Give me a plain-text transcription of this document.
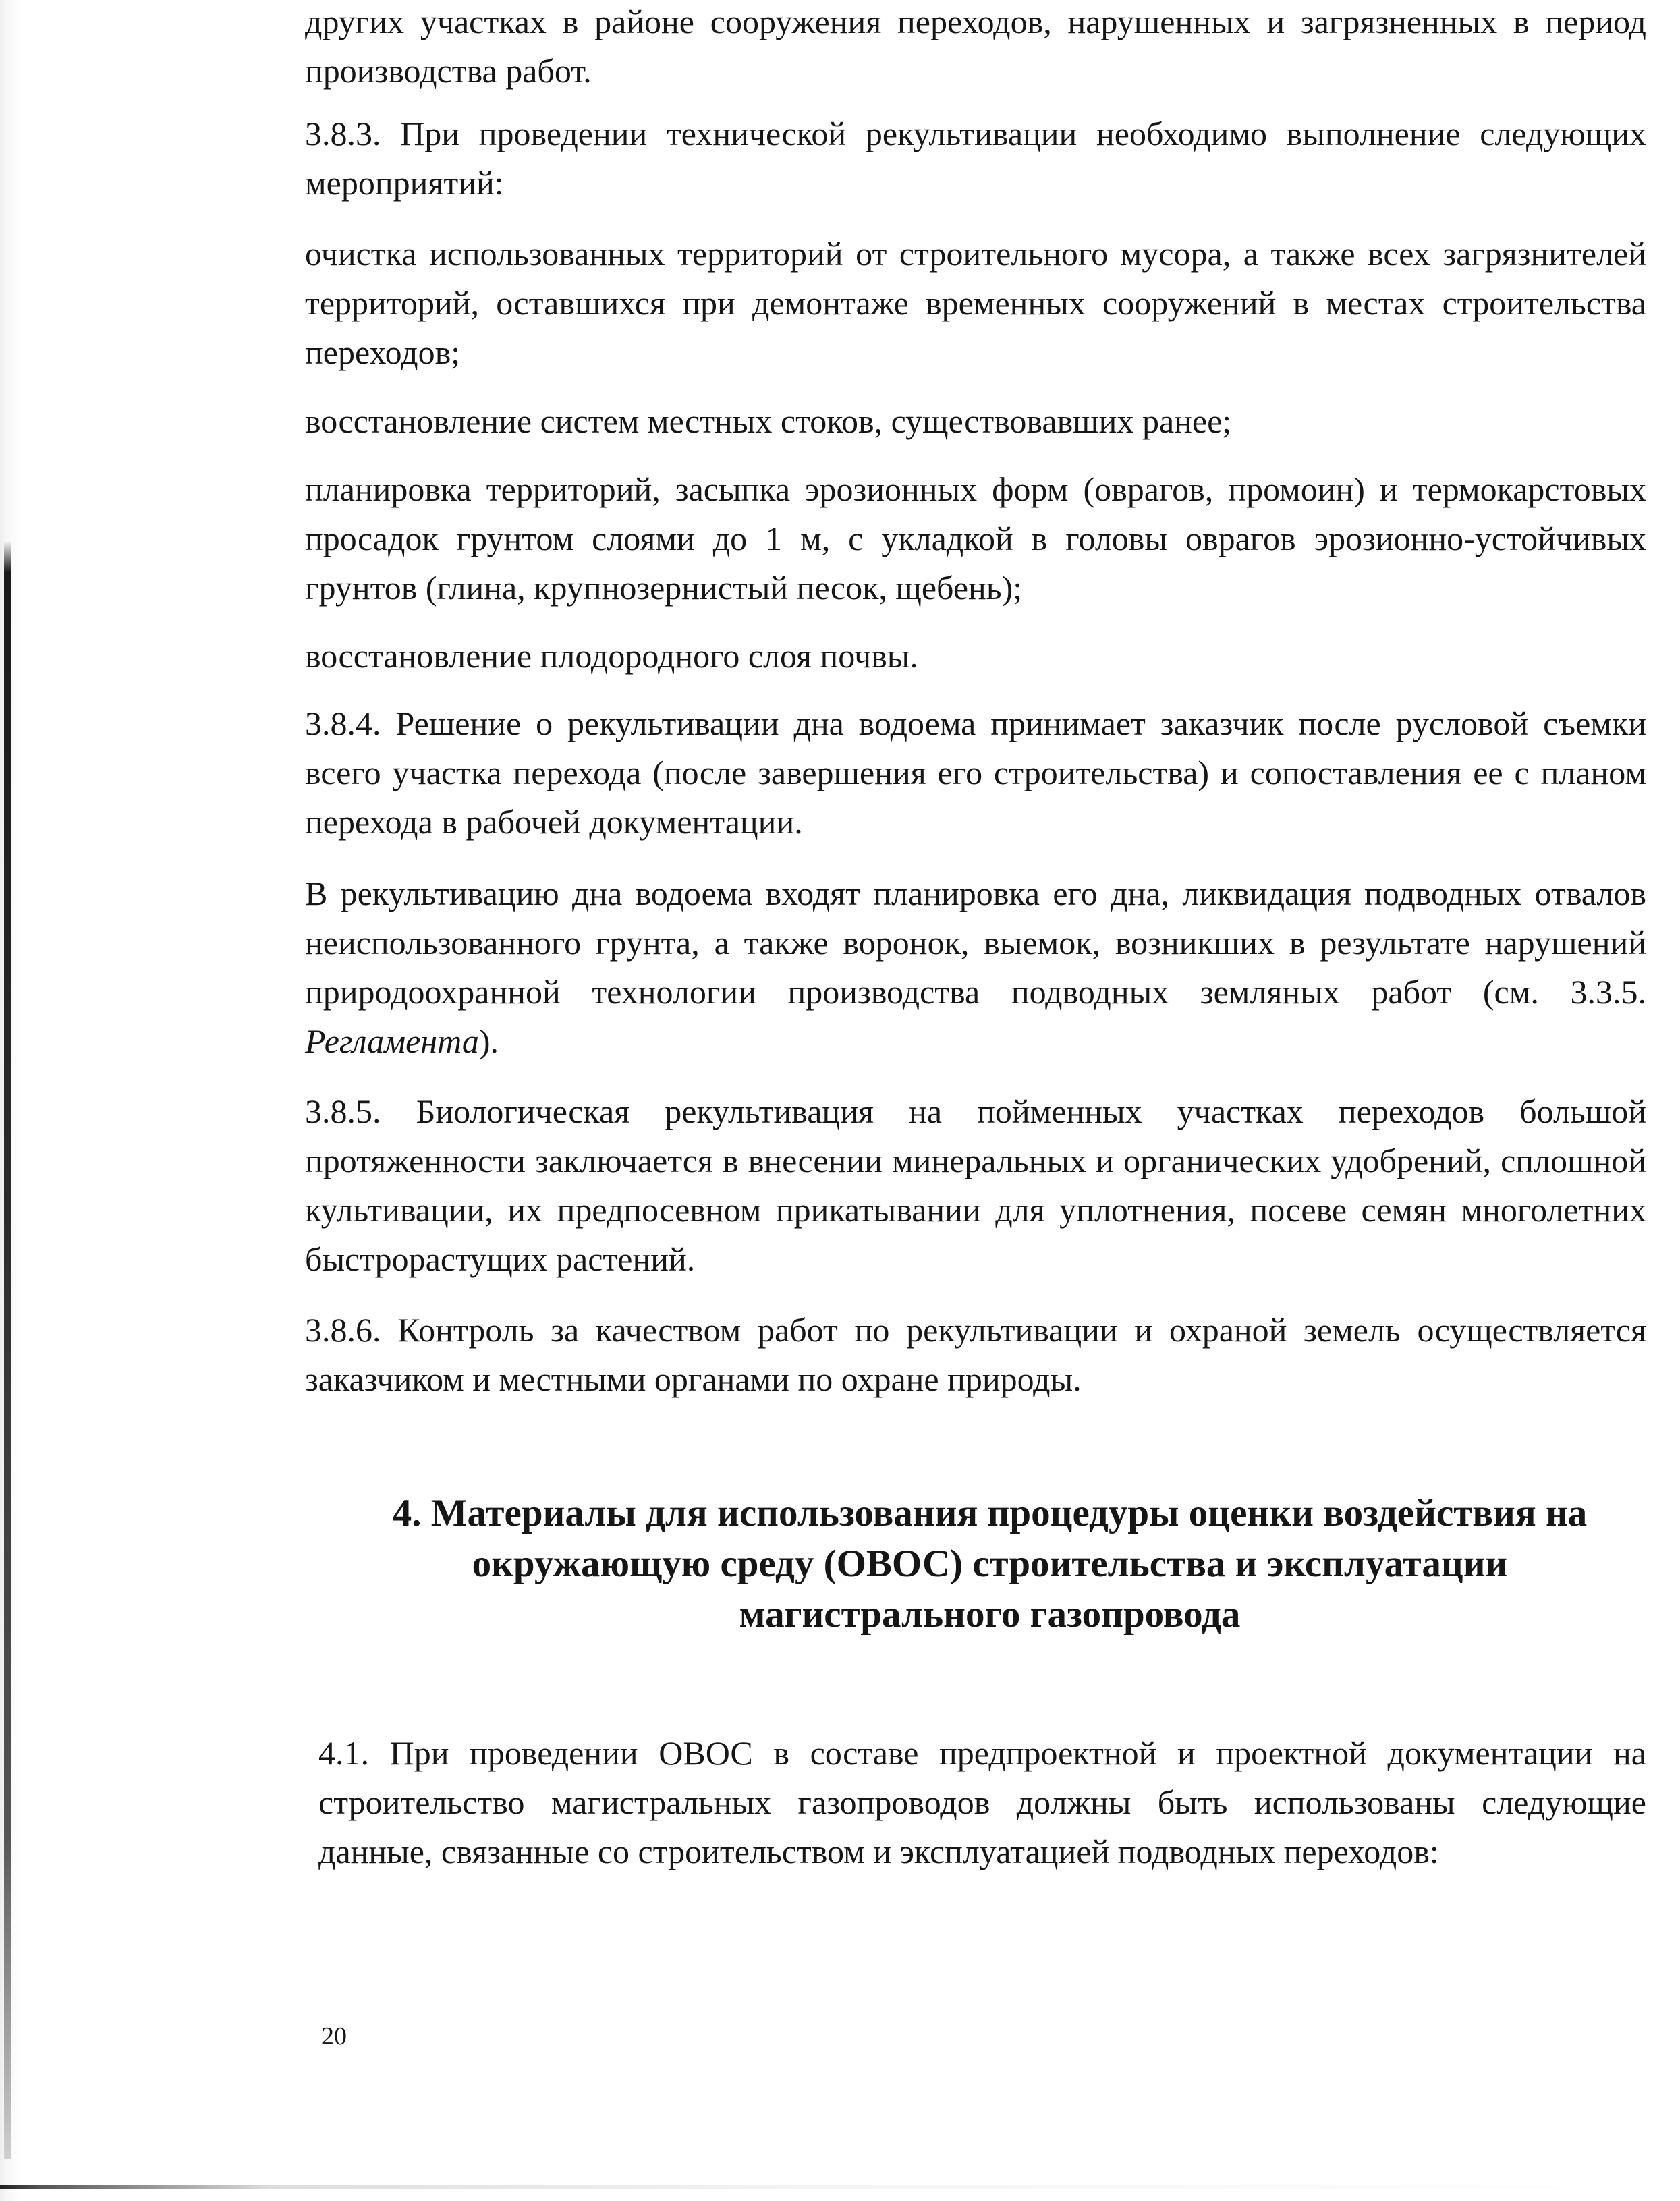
других участках в районе сооружения переходов, нарушенных и загрязненных в период производства работ.

3.8.3. При проведении технической рекультивации необходимо выполнение следующих мероприятий:

очистка использованных территорий от строительного мусора, а также всех загрязнителей территорий, оставшихся при демонтаже временных сооружений в местах строительства переходов;

восстановление систем местных стоков, существовавших ранее;

планировка территорий, засыпка эрозионных форм (оврагов, промоин) и термокарстовых просадок грунтом слоями до 1 м, с укладкой в головы оврагов эрозионно-устойчивых грунтов (глина, крупнозернистый песок, щебень);

восстановление плодородного слоя почвы.

3.8.4. Решение о рекультивации дна водоема принимает заказчик после русловой съемки всего участка перехода (после завершения его строительства) и сопоставления ее с планом перехода в рабочей документации.

В рекультивацию дна водоема входят планировка его дна, ликвидация подводных отвалов неиспользованного грунта, а также воронок, выемок, возникших в результате нарушений природоохранной технологии производства подводных земляных работ (см. 3.3.5. Регламента).

3.8.5. Биологическая рекультивация на пойменных участках переходов большой протяженности заключается в внесении минеральных и органических удобрений, сплошной культивации, их предпосевном прикатывании для уплотнения, посеве семян многолетних быстрорастущих растений.

3.8.6. Контроль за качеством работ по рекультивации и охраной земель осуществляется заказчиком и местными органами по охране природы.

4. Материалы для использования процедуры оценки воздействия на
окружающую среду (ОВОС) строительства и эксплуатации
магистрального газопровода

4.1. При проведении ОВОС в составе предпроектной и проектной документации на строительство магистральных газопроводов должны быть использованы следующие данные, связанные со строительством и эксплуатацией подводных переходов:

20
